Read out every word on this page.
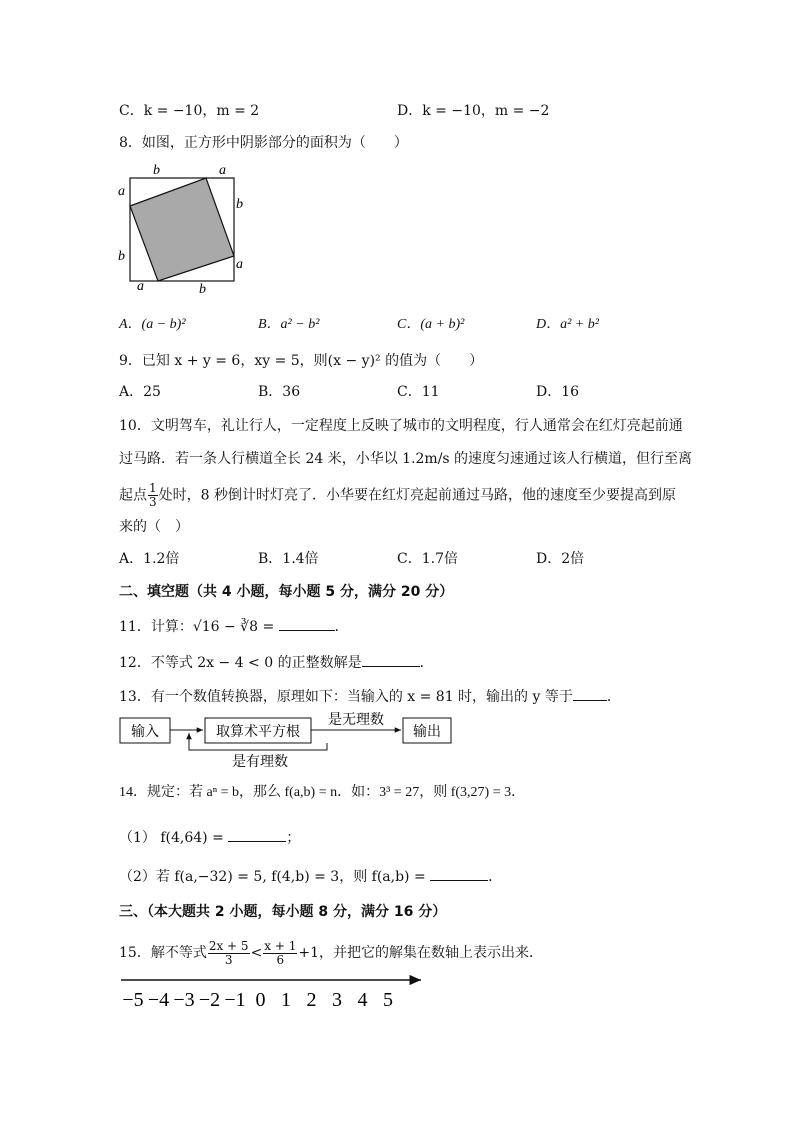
C．k = −10，m = 2	D．k = −10，m = −2
8．如图，正方形中阴影部分的面积为（　　）
b	a
a
b
b
a
a	b
A．(a − b)²	B．a² − b²	C．(a + b)²	D．a² + b²
9．已知 x + y = 6，xy = 5，则(x − y)² 的值为（　　）
A．25	B．36	C．11	D．16
10．文明驾车，礼让行人，一定程度上反映了城市的文明程度，行人通常会在红灯亮起前通
过马路．若一条人行横道全长 24 米，小华以 1.2m/s 的速度匀速通过该人行横道，但行至离
起点 $\frac{1}{3}$ 处时，8 秒倒计时灯亮了．小华要在红灯亮起前通过马路，他的速度至少要提高到原
来的（　）
A．1.2倍	B．1.4倍	C．1.7倍	D．2倍
二、填空题（共 4 小题，每小题 5 分，满分 20 分）
11．计算：√16 − ∛8 =	．
12．不等式 2x − 4 < 0 的正整数解是	．
13．有一个数值转换器，原理如下：当输入的 x = 81 时，输出的 y 等于 ．
输入	取算术平方根
是无理数
输出
是有理数
14．规定：若 aⁿ = b，那么 f(a,b) = n．如：3³ = 27，则 f(3,27) = 3．
（1） f(4,64) =	；
（2）若 f(a,−32) = 5, f(4,b) = 3，则 f(a,b) =	．
三、（本大题共 2 小题，每小题 8 分，满分 16 分）
15．解不等式 $\frac{2x + 5}{3} < \frac{x + 1}{6} +1$，并把它的解集在数轴上表示出来．
−5 −4 −3 −2 −1 0 1 2 3 4 5
